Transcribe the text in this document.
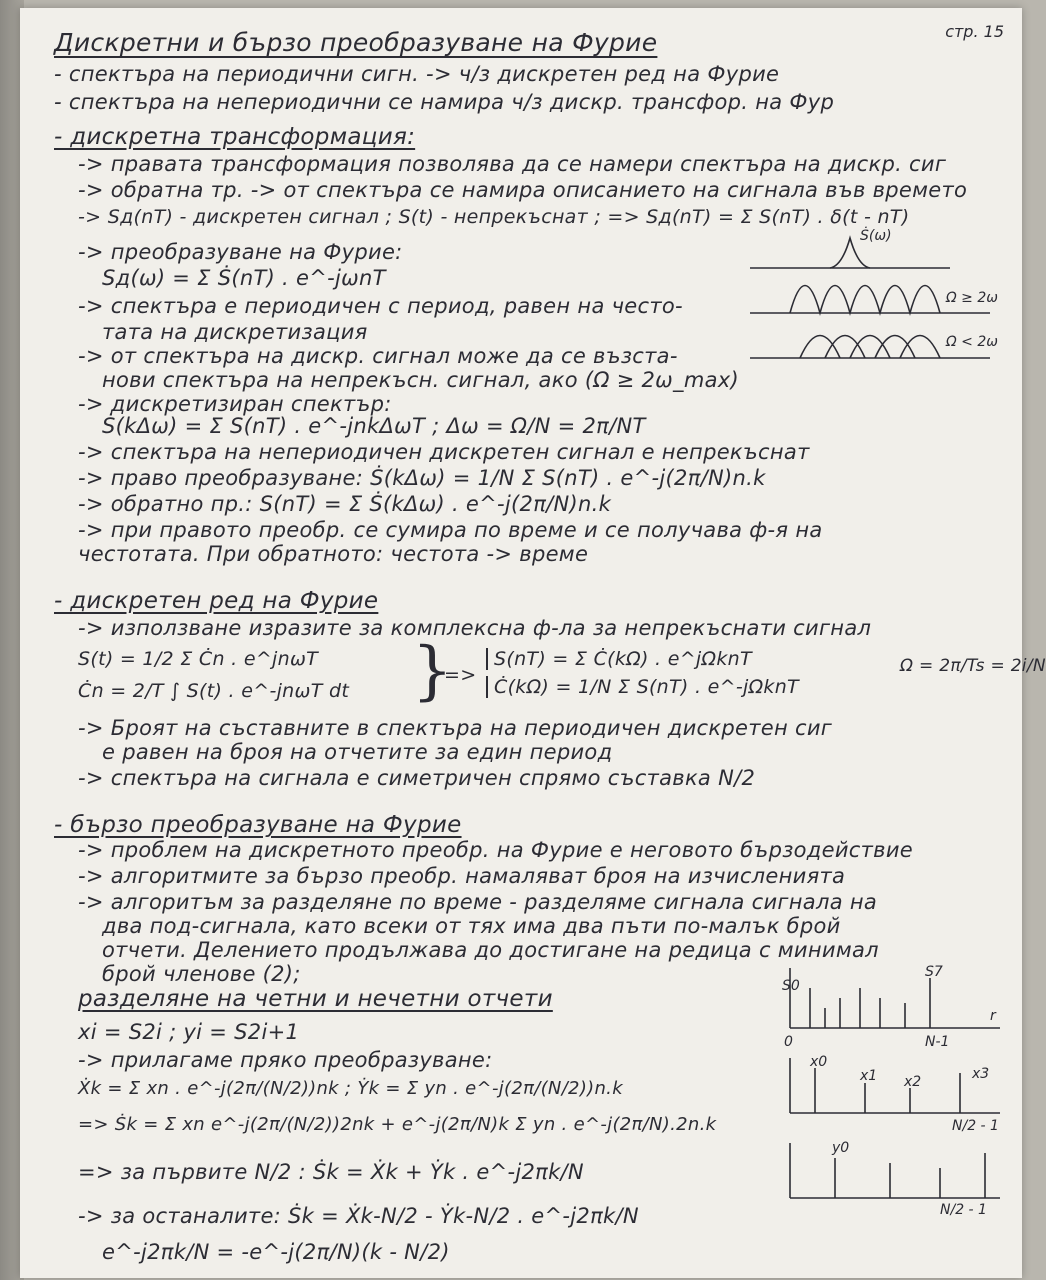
стр. 15
Дискретни и бързо преобразуване на Фурие
- спектъра на периодични сигн. -> ч/з дискретен ред на Фурие
- спектъра на непериодични се намира ч/з дискр. трансфор. на Фур
- дискретна трансформация:
-> правата трансформация позволява да се намери спектъра на дискр. сиг
-> обратна тр. -> от спектъра се намира описанието на сигнала във времето
-> Sд(nT) - дискретен сигнал ; S(t) - непрекъснат ; => Sд(nT) = Σ S(nT) . δ(t - nT)
-> преобразуване на Фурие:
Sд(ω) = Σ Ṡ(nT) . e^-jωnT
-> спектъра е периодичен с период, равен на често-
тата на дискретизация
-> от спектъра на дискр. сигнал може да се възста-
нови спектъра на непрекъсн. сигнал, ако (Ω ≥ 2ω_max)
-> дискретизиран спектър:
Ṡ(kΔω) = Σ S(nT) . e^-jnkΔωT ; Δω = Ω/N = 2π/NT
-> спектъра на непериодичен дискретен сигнал е непрекъснат
-> право преобразуване: Ṡ(kΔω) = 1/N Σ S(nT) . e^-j(2π/N)n.k
-> обратно пр.: S(nT) = Σ Ṡ(kΔω) . e^-j(2π/N)n.k
-> при правото преобр. се сумира по време и се получава ф-я на
честотата. При обратното: честота -> време
Ṡ(ω)
Ω ≥ 2ω
Ω < 2ω
- дискретен ред на Фурие
-> използване изразите за комплексна ф-ла за непрекъснати сигнал
S(t) = 1/2 Σ Ċn . e^jnωT
Ċn = 2/T ∫ S(t) . e^-jnωT dt }
=>
S(nT) = Σ Ċ(kΩ) . e^jΩknT
Ċ(kΩ) = 1/N Σ S(nT) . e^-jΩknT
Ω = 2π/Ts = 2i/N
-> Броят на съставните в спектъра на периодичен дискретен сиг
е равен на броя на отчетите за един период
-> спектъра на сигнала е симетричен спрямо съставка N/2
- бързо преобразуване на Фурие
-> проблем на дискретното преобр. на Фурие е неговото бързодействие
-> алгоритмите за бързо преобр. намаляват броя на изчисленията
-> алгоритъм за разделяне по време - разделяме сигнала сигнала на
два под-сигнала, като всеки от тях има два пъти по-малък брой
отчети. Делението продължава до достигане на редица с минимал
брой членове (2);
разделяне на четни и нечетни отчети
xi = S2i ; yi = S2i+1
-> прилагаме пряко преобразуване:
Ẋk = Σ xn . e^-j(2π/(N/2))nk ; Ẏk = Σ yn . e^-j(2π/(N/2))n.k
=> Ṡk = Σ xn e^-j(2π/(N/2))2nk + e^-j(2π/N)k Σ yn . e^-j(2π/N).2n.k
=> за първите N/2 : Ṡk = Ẋk + Ẏk . e^-j2πk/N
-> за останалите: Ṡk = Ẋk-N/2 - Ẏk-N/2 . e^-j2πk/N
e^-j2πk/N = -e^-j(2π/N)(k - N/2)
S0
S7
0	N-1
r
x0
x1 x2	x3
N/2 - 1
y0
N/2 - 1
